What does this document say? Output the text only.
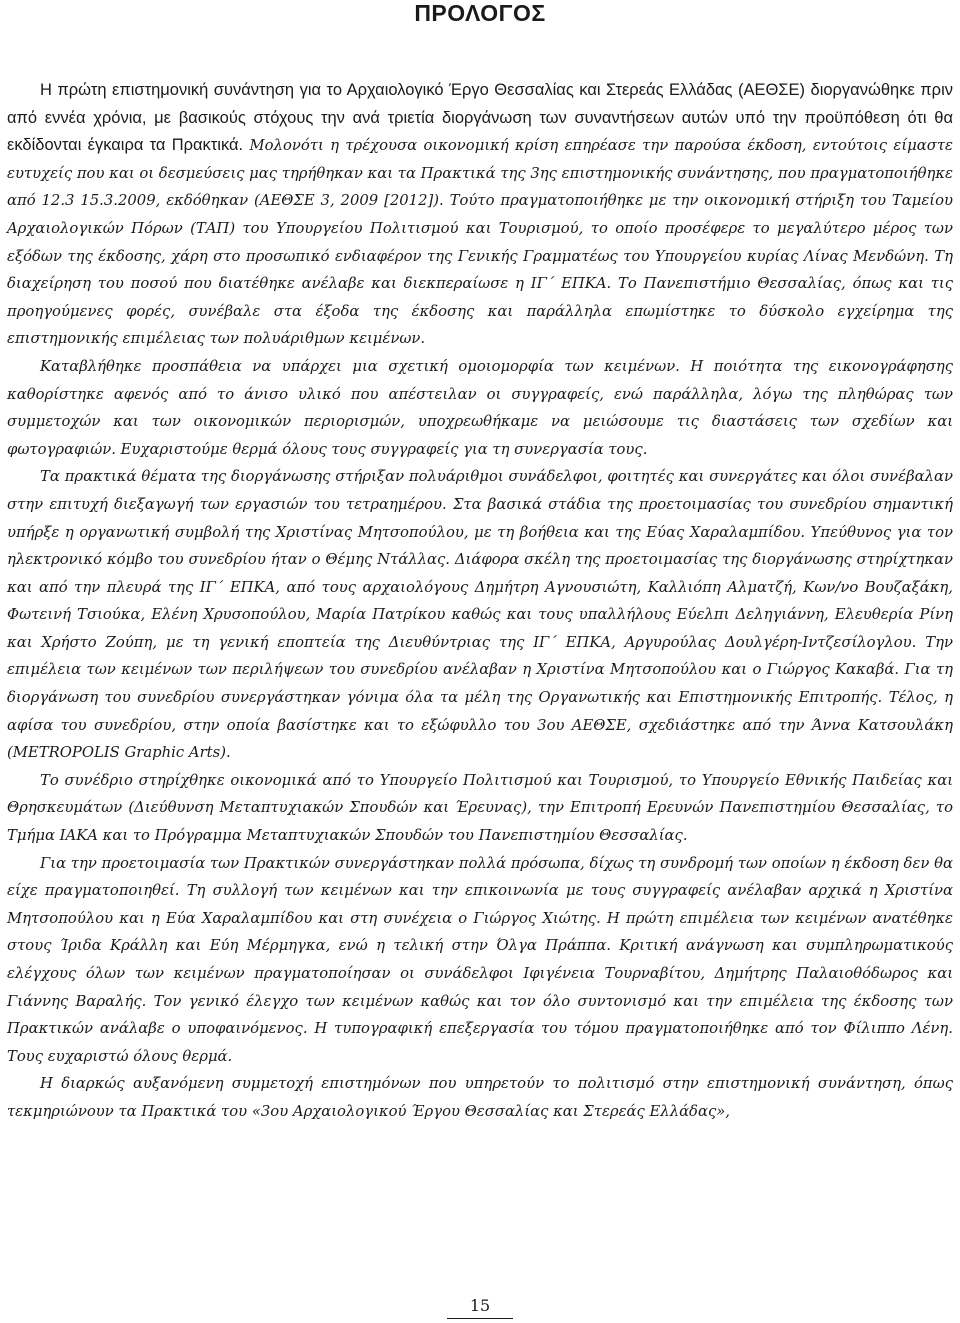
ΠΡΟΛΟΓΟΣ

Η πρώτη επιστημονική συνάντηση για το Αρχαιολογικό Έργο Θεσσαλίας και Στερεάς Ελλάδας (ΑΕΘΣΕ) διοργανώθηκε πριν από εννέα χρόνια, με βασικούς στόχους την ανά τριετία διοργάνωση των συναντήσεων αυτών υπό την προϋπόθεση ότι θα εκδίδονται έγκαιρα τα Πρακτικά. Μολονότι η τρέχουσα οικονομική κρίση επηρέασε την παρούσα έκδοση, εντούτοις είμαστε ευτυχείς που και οι δεσμεύσεις μας τηρήθηκαν και τα Πρακτικά της 3ης επιστημονικής συνάντησης, που πραγματοποιήθηκε από 12.3 15.3.2009, εκδόθηκαν (ΑΕΘΣΕ 3, 2009 [2012]). Τούτο πραγματοποιήθηκε με την οικονομική στήριξη του Ταμείου Αρχαιολογικών Πόρων (ΤΑΠ) του Υπουργείου Πολιτισμού και Τουρισμού, το οποίο προσέφερε το μεγαλύτερο μέρος των εξόδων της έκδοσης, χάρη στο προσωπικό ενδιαφέρον της Γενικής Γραμματέως του Υπουργείου κυρίας Λίνας Μενδώνη. Τη διαχείρηση του ποσού που διατέθηκε ανέλαβε και διεκπεραίωσε η ΙΓ΄ ΕΠΚΑ. Το Πανεπιστήμιο Θεσσαλίας, όπως και τις προηγούμενες φορές, συνέβαλε στα έξοδα της έκδοσης και παράλληλα επωμίστηκε το δύσκολο εγχείρημα της επιστημονικής επιμέλειας των πολυάριθμων κειμένων.

Καταβλήθηκε προσπάθεια να υπάρχει μια σχετική ομοιομορφία των κειμένων. Η ποιότητα της εικονογράφησης καθορίστηκε αφενός από το άνισο υλικό που απέστειλαν οι συγγραφείς, ενώ παράλληλα, λόγω της πληθώρας των συμμετοχών και των οικονομικών περιορισμών, υποχρεωθήκαμε να μειώσουμε τις διαστάσεις των σχεδίων και φωτογραφιών. Ευχαριστούμε θερμά όλους τους συγγραφείς για τη συνεργασία τους.

Τα πρακτικά θέματα της διοργάνωσης στήριξαν πολυάριθμοι συνάδελφοι, φοιτητές και συνεργάτες και όλοι συνέβαλαν στην επιτυχή διεξαγωγή των εργασιών του τετραημέρου. Στα βασικά στάδια της προετοιμασίας του συνεδρίου σημαντική υπήρξε η οργανωτική συμβολή της Χριστίνας Μητσοπούλου, με τη βοήθεια και της Εύας Χαραλαμπίδου. Υπεύθυνος για τον ηλεκτρονικό κόμβο του συνεδρίου ήταν ο Θέμης Ντάλλας. Διάφορα σκέλη της προετοιμασίας της διοργάνωσης στηρίχτηκαν και από την πλευρά της ΙΓ΄ ΕΠΚΑ, από τους αρχαιολόγους Δημήτρη Αγνουσιώτη, Καλλιόπη Αλματζή, Κων/νο Βουζαξάκη, Φωτεινή Τσιούκα, Ελένη Χρυσοπούλου, Μαρία Πατρίκου καθώς και τους υπαλλήλους Εύελπι Δεληγιάννη, Ελευθερία Ρίνη και Χρήστο Ζούπη, με τη γενική εποπτεία της Διευθύντριας της ΙΓ΄ ΕΠΚΑ, Αργυρούλας Δουλγέρη-Ιντζεσίλογλου. Την επιμέλεια των κειμένων των περιλήψεων του συνεδρίου ανέλαβαν η Χριστίνα Μητσοπούλου και ο Γιώργος Κακαβά. Για τη διοργάνωση του συνεδρίου συνεργάστηκαν γόνιμα όλα τα μέλη της Οργανωτικής και Επιστημονικής Επιτροπής. Τέλος, η αφίσα του συνεδρίου, στην οποία βασίστηκε και το εξώφυλλο του 3ου ΑΕΘΣΕ, σχεδιάστηκε από την Άννα Κατσουλάκη (METROPOLIS Graphic Arts).

Το συνέδριο στηρίχθηκε οικονομικά από το Υπουργείο Πολιτισμού και Τουρισμού, το Υπουργείο Εθνικής Παιδείας και Θρησκευμάτων (Διεύθυνση Μεταπτυχιακών Σπουδών και Έρευνας), την Επιτροπή Ερευνών Πανεπιστημίου Θεσσαλίας, το Τμήμα ΙΑΚΑ και το Πρόγραμμα Μεταπτυχιακών Σπουδών του Πανεπιστημίου Θεσσαλίας.

Για την προετοιμασία των Πρακτικών συνεργάστηκαν πολλά πρόσωπα, δίχως τη συνδρομή των οποίων η έκδοση δεν θα είχε πραγματοποιηθεί. Τη συλλογή των κειμένων και την επικοινωνία με τους συγγραφείς ανέλαβαν αρχικά η Χριστίνα Μητσοπούλου και η Εύα Χαραλαμπίδου και στη συνέχεια ο Γιώργος Χιώτης. Η πρώτη επιμέλεια των κειμένων ανατέθηκε στους Ίριδα Κράλλη και Εύη Μέρμηγκα, ενώ η τελική στην Όλγα Πράππα. Κριτική ανάγνωση και συμπληρωματικούς ελέγχους όλων των κειμένων πραγματοποίησαν οι συνάδελφοι Ιφιγένεια Τουρναβίτου, Δημήτρης Παλαιοθόδωρος και Γιάννης Βαραλής. Τον γενικό έλεγχο των κειμένων καθώς και τον όλο συντονισμό και την επιμέλεια της έκδοσης των Πρακτικών ανάλαβε ο υποφαινόμενος. Η τυπογραφική επεξεργασία του τόμου πραγματοποιήθηκε από τον Φίλιππο Λένη. Τους ευχαριστώ όλους θερμά.

Η διαρκώς αυξανόμενη συμμετοχή επιστημόνων που υπηρετούν το πολιτισμό στην επιστημονική συνάντηση, όπως τεκμηριώνουν τα Πρακτικά του «3ου Αρχαιολογικού Έργου Θεσσαλίας και Στερεάς Ελλάδας»,

15
